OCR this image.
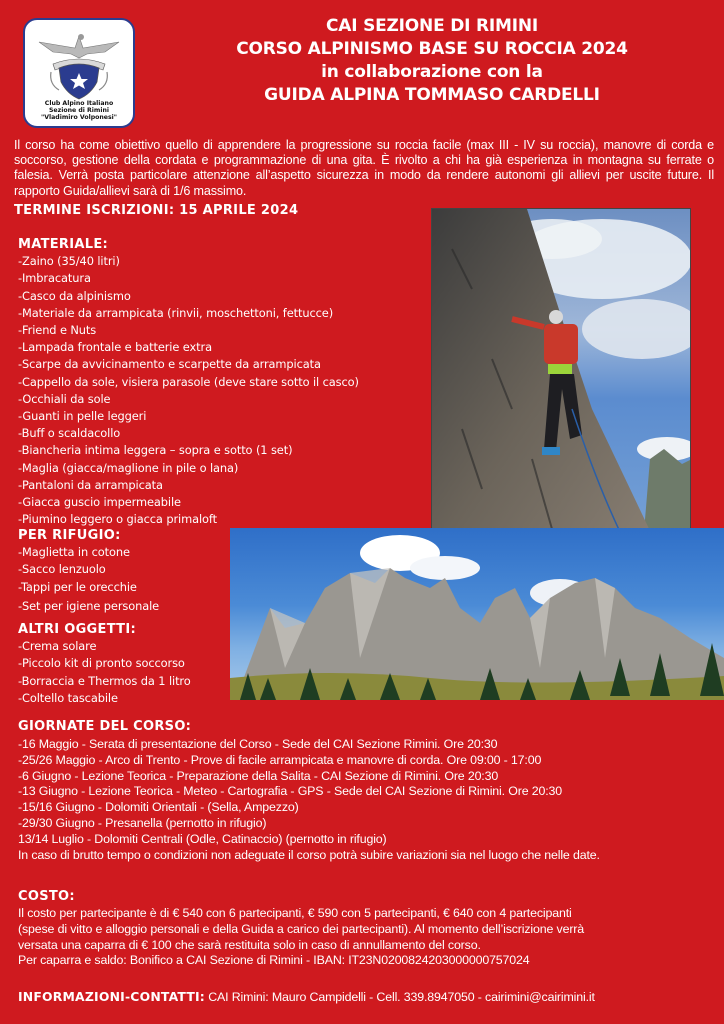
Club Alpino Italiano
Sezione di Rimini
"Vladimiro Volponesi"
CAI SEZIONE DI RIMINI
CORSO ALPINISMO BASE SU ROCCIA 2024
in collaborazione con la
GUIDA ALPINA TOMMASO CARDELLI
Il corso ha come obiettivo quello di apprendere la progressione su roccia facile (max III - IV su roccia), manovre di corda e soccorso, gestione della cordata e programmazione di una gita. È rivolto a chi ha già esperienza in montagna su ferrate o falesia. Verrà posta particolare attenzione all’aspetto sicurezza in modo da rendere autonomi gli allievi per uscite future. Il rapporto Guida/allievi sarà di 1/6 massimo.
TERMINE ISCRIZIONI: 15 APRILE 2024
MATERIALE:
-Zaino (35/40 litri)
-Imbracatura
-Casco da alpinismo
-Materiale da arrampicata (rinvii, moschettoni, fettucce)
-Friend e Nuts
-Lampada frontale e batterie extra
-Scarpe da avvicinamento e scarpette da arrampicata
-Cappello da sole, visiera parasole (deve stare sotto il casco)
-Occhiali da sole
-Guanti in pelle leggeri
-Buff o scaldacollo
-Biancheria intima leggera – sopra e sotto (1 set)
-Maglia (giacca/maglione in pile o lana)
-Pantaloni da arrampicata
-Giacca guscio impermeabile
-Piumino leggero o giacca primaloft
PER RIFUGIO:
-Maglietta in cotone
-Sacco lenzuolo
-Tappi per le orecchie
-Set per igiene personale
ALTRI OGGETTI:
-Crema solare
-Piccolo kit di pronto soccorso
-Borraccia e Thermos da 1 litro
-Coltello tascabile
GIORNATE DEL CORSO:
-16 Maggio - Serata di presentazione del Corso - Sede del CAI Sezione Rimini. Ore 20:30
-25/26 Maggio - Arco di Trento - Prove di facile arrampicata e manovre di corda. Ore 09:00 - 17:00
-6 Giugno - Lezione Teorica - Preparazione della Salita - CAI Sezione di Rimini. Ore 20:30
-13 Giugno - Lezione Teorica - Meteo - Cartografia - GPS - Sede del CAI Sezione di Rimini. Ore 20:30
-15/16 Giugno - Dolomiti Orientali - (Sella, Ampezzo)
-29/30 Giugno - Presanella (pernotto in rifugio)
13/14 Luglio - Dolomiti Centrali (Odle, Catinaccio) (pernotto in rifugio)
In caso di brutto tempo o condizioni non adeguate il corso potrà subire variazioni sia nel luogo che nelle date.
COSTO:
Il costo per partecipante è di € 540 con 6 partecipanti, € 590 con 5 partecipanti, € 640 con 4 partecipanti
(spese di vitto e alloggio personali e della Guida a carico dei partecipanti). Al momento dell’iscrizione verrà
versata una caparra di € 100 che sarà restituita solo in caso di annullamento del corso.
Per caparra e saldo: Bonifico a CAI Sezione di Rimini - IBAN: IT23N0200824203000000757024
INFORMAZIONI-CONTATTI: CAI Rimini: Mauro Campidelli - Cell. 339.8947050 - cairimini@cairimini.it
